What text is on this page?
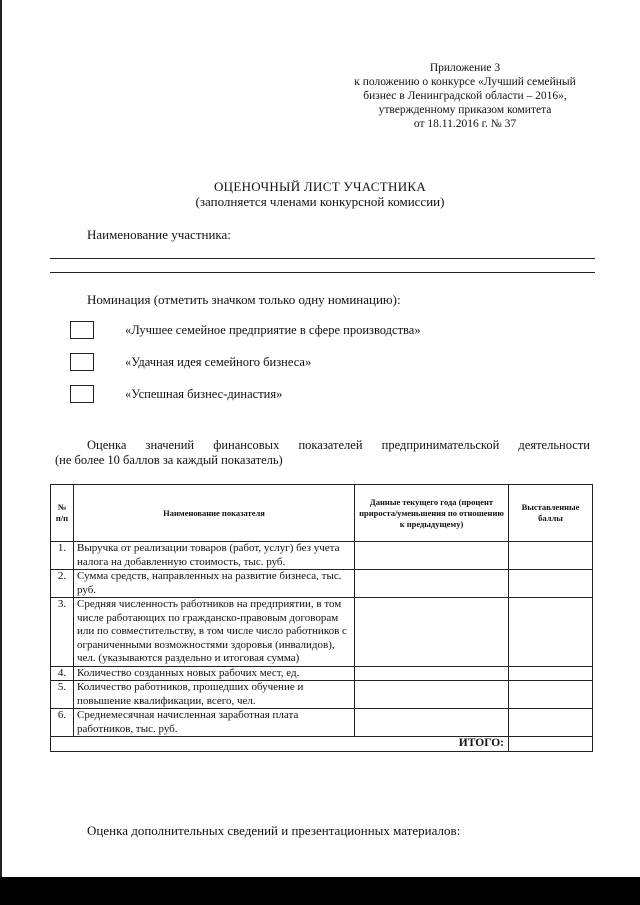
Приложение 3
к положению о конкурсе «Лучший семейный
бизнес в Ленинградской области – 2016»,
утвержденному приказом комитета
от 18.11.2016 г. № 37
ОЦЕНОЧНЫЙ ЛИСТ УЧАСТНИКА
(заполняется членами конкурсной комиссии)
Наименование участника:
Номинация (отметить значком только одну номинацию):
«Лучшее семейное предприятие в сфере производства»
«Удачная идея семейного бизнеса»
«Успешная бизнес-династия»
Оценка значений финансовых показателей предпринимательской деятельности
(не более 10 баллов за каждый показатель)
№ п/п	Наименование показателя	Данные текущего года (процент прироста/уменьшения по отношению к предыдущему)	Выставленные баллы
1.	Выручка от реализации товаров (работ, услуг) без учета налога на добавленную стоимость, тыс. руб.		
2.	Сумма средств, направленных на развитие бизнеса, тыс. руб.		
3.	Средняя численность работников на предприятии, в том числе работающих по гражданско-правовым договорам или по совместительству, в том числе число работников с ограниченными возможностями здоровья (инвалидов), чел. (указываются раздельно и итоговая сумма)		
4.	Количество созданных новых рабочих мест, ед.		
5.	Количество работников, прошедших обучение и повышение квалификации, всего, чел.		
6.	Среднемесячная начисленная заработная плата работников, тыс. руб.		
ИТОГО:			
Оценка дополнительных сведений и презентационных материалов:
